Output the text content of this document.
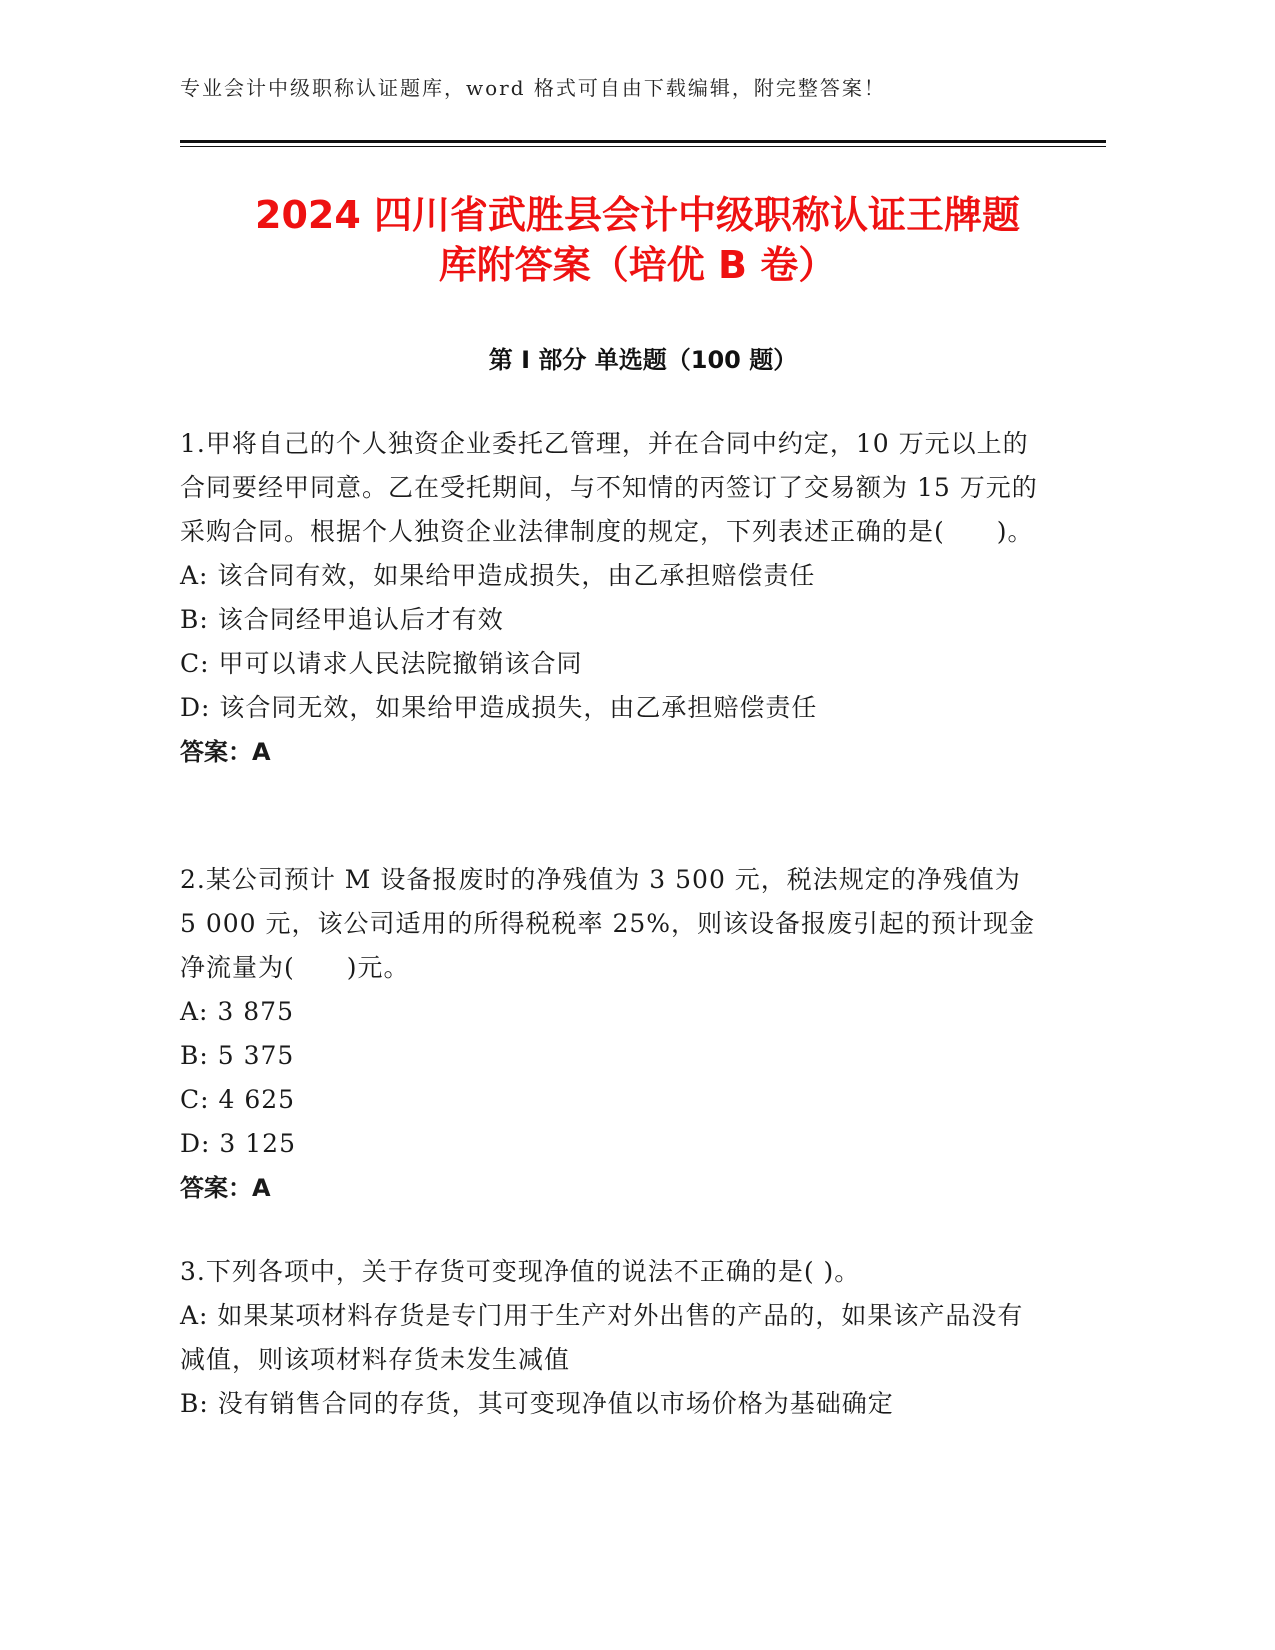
专业会计中级职称认证题库，word 格式可自由下载编辑，附完整答案！
2024 四川省武胜县会计中级职称认证王牌题
库附答案（培优 B 卷）
第 I 部分 单选题（100 题）

1.甲将自己的个人独资企业委托乙管理，并在合同中约定，10 万元以上的合同要经甲同意。乙在受托期间，与不知情的丙签订了交易额为 15 万元的采购合同。根据个人独资企业法律制度的规定，下列表述正确的是(　　)。

A: 该合同有效，如果给甲造成损失，由乙承担赔偿责任

B: 该合同经甲追认后才有效

C: 甲可以请求人民法院撤销该合同

D: 该合同无效，如果给甲造成损失，由乙承担赔偿责任

答案：A

2.某公司预计 M 设备报废时的净残值为 3 500 元，税法规定的净残值为 5 000 元，该公司适用的所得税税率 25%，则该设备报废引起的预计现金净流量为(　　)元。

A: 3 875

B: 5 375

C: 4 625

D: 3 125

答案：A

3.下列各项中，关于存货可变现净值的说法不正确的是( )。

A: 如果某项材料存货是专门用于生产对外出售的产品的，如果该产品没有减值，则该项材料存货未发生减值

B: 没有销售合同的存货，其可变现净值以市场价格为基础确定
